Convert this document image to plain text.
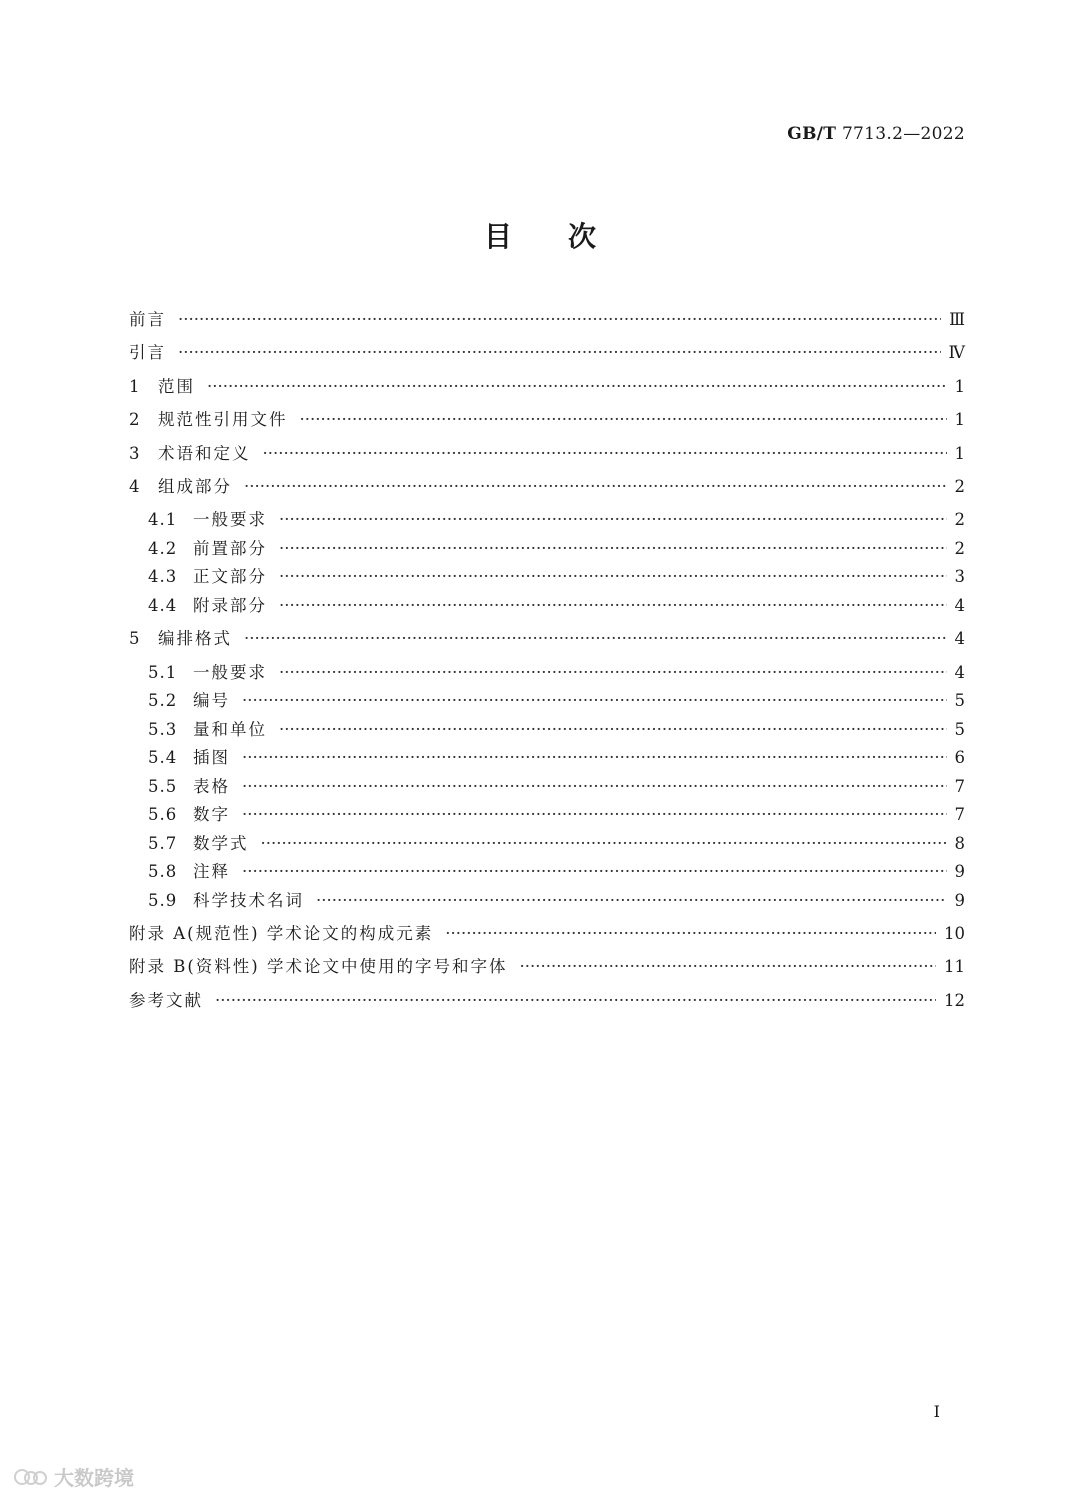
GB/T 7713.2—2022
目次
前言 ·····	Ⅲ
引言 ·····	Ⅳ
1	范围 ·····	1
2	规范性引用文件 ·····	1
3	术语和定义 ·····	1
4	组成部分 ·····	2
4.1 一般要求 ·····	2
4.2 前置部分 ·····	2
4.3 正文部分 ·····	3
4.4 附录部分 ·····	4
5	编排格式 ·····	4
5.1 一般要求 ·····	4
5.2 编号 ·····	5
5.3 量和单位 ·····	5
5.4 插图 ·····	6
5.5 表格 ·····	7
5.6 数字 ·····	7
5.7 数学式 ·····	8
5.8 注释 ·····	9
5.9 科学技术名词 ·····	9
附录 A(规范性) 学术论文的构成元素 ·····	10
附录 B(资料性) 学术论文中使用的字号和字体 ·····	11
参考文献 ·····	12
Ⅰ
大数跨境
